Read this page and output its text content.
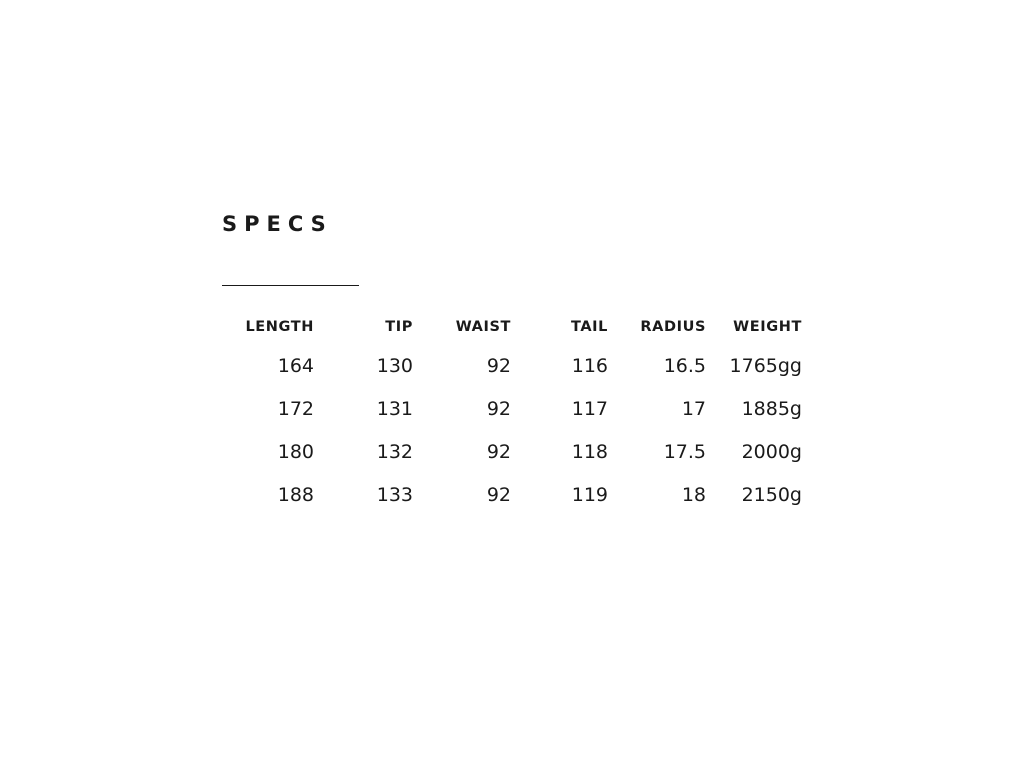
SPECS
LENGTH	TIP	WAIST	TAIL	RADIUS	WEIGHT
164	130	92	116	16.5	1765gg
172	131	92	117	17	1885g
180	132	92	118	17.5	2000g
188	133	92	119	18	2150g
